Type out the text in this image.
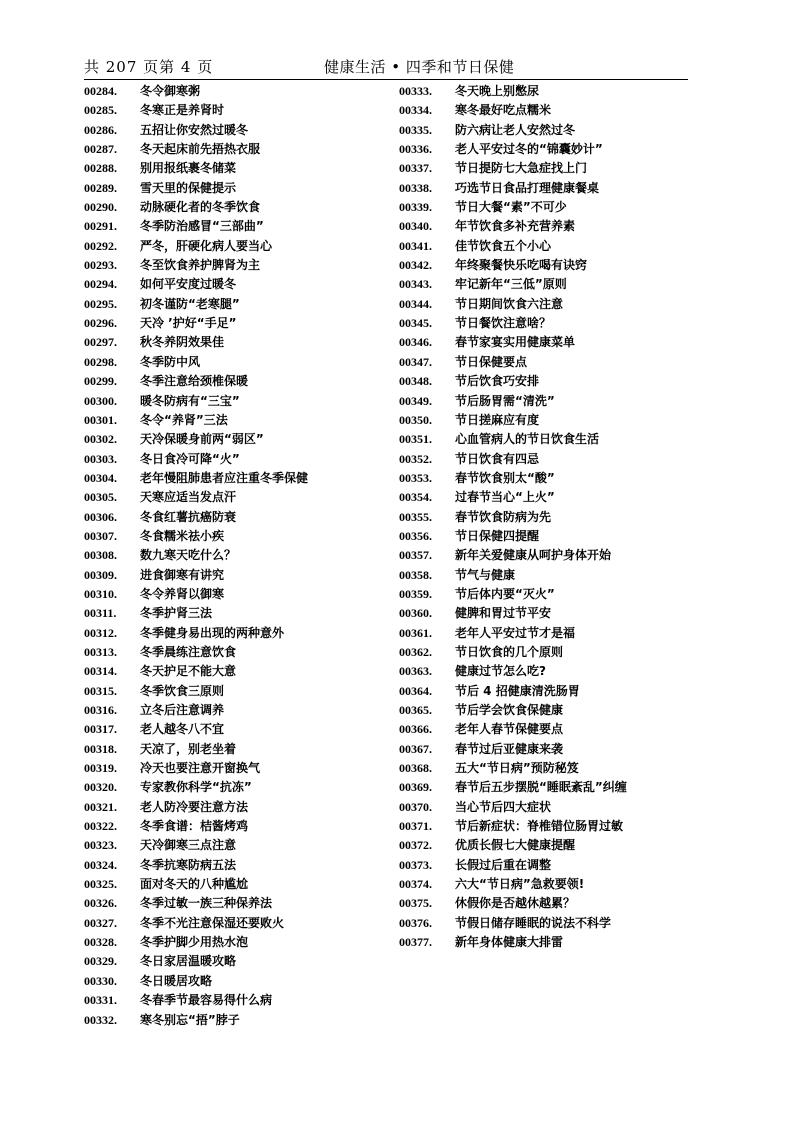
共 207 页第 4 页	健康生活 • 四季和节日保健
00284. 冬令御寒粥
00285. 冬寒正是养肾时
00286. 五招让你安然过暖冬
00287. 冬天起床前先捂热衣服
00288. 别用报纸裹冬储菜
00289. 雪天里的保健提示
00290. 动脉硬化者的冬季饮食
00291. 冬季防治感冒“三部曲”
00292. 严冬，肝硬化病人要当心
00293. 冬至饮食养护脾肾为主
00294. 如何平安度过暖冬
00295. 初冬谨防“老寒腿”
00296. 天冷 ’护好“手足”
00297. 秋冬养阴效果佳
00298. 冬季防中风
00299. 冬季注意给颈椎保暖
00300. 暖冬防病有“三宝”
00301. 冬令“养肾”三法
00302. 天冷保暖身前两“弱区”
00303. 冬日食冷可降“火”
00304. 老年慢阻肺患者应注重冬季保健
00305. 天寒应适当发点汗
00306. 冬食红薯抗癌防衰
00307. 冬食糯米祛小疾
00308. 数九寒天吃什么？
00309. 进食御寒有讲究
00310. 冬令养肾以御寒
00311. 冬季护肾三法
00312. 冬季健身易出现的两种意外
00313. 冬季晨练注意饮食
00314. 冬天护足不能大意
00315. 冬季饮食三原则
00316. 立冬后注意调养
00317. 老人越冬八不宜
00318. 天凉了，别老坐着
00319. 冷天也要注意开窗换气
00320. 专家教你科学“抗冻”
00321. 老人防冷要注意方法
00322. 冬季食谱：桔酱烤鸡
00323. 天冷御寒三点注意
00324. 冬季抗寒防病五法
00325. 面对冬天的八种尴尬
00326. 冬季过敏一族三种保养法
00327. 冬季不光注意保湿还要败火
00328. 冬季护脚少用热水泡
00329. 冬日家居温暖攻略
00330. 冬日暖居攻略
00331. 冬春季节最容易得什么病
00332. 寒冬别忘“捂”脖子
00333. 冬天晚上别憋尿
00334. 寒冬最好吃点糯米
00335. 防六病让老人安然过冬
00336. 老人平安过冬的“锦囊妙计”
00337. 节日提防七大急症找上门
00338. 巧选节日食品打理健康餐桌
00339. 节日大餐“素”不可少
00340. 年节饮食多补充营养素
00341. 佳节饮食五个小心
00342. 年终聚餐快乐吃喝有诀窍
00343. 牢记新年“三低”原则
00344. 节日期间饮食六注意
00345. 节日餐饮注意啥？
00346. 春节家宴实用健康菜单
00347. 节日保健要点
00348. 节后饮食巧安排
00349. 节后肠胃需“清洗”
00350. 节日搓麻应有度
00351. 心血管病人的节日饮食生活
00352. 节日饮食有四忌
00353. 春节饮食别太“酸”
00354. 过春节当心“上火”
00355. 春节饮食防病为先
00356. 节日保健四提醒
00357. 新年关爱健康从呵护身体开始
00358. 节气与健康
00359. 节后体内要“灭火”
00360. 健脾和胃过节平安
00361. 老年人平安过节才是福
00362. 节日饮食的几个原则
00363. 健康过节怎么吃?
00364. 节后 4 招健康清洗肠胃
00365. 节后学会饮食保健康
00366. 老年人春节保健要点
00367. 春节过后亚健康来袭
00368. 五大“节日病”预防秘笈
00369. 春节后五步摆脱“睡眠紊乱”纠缠
00370. 当心节后四大症状
00371. 节后新症状：脊椎错位肠胃过敏
00372. 优质长假七大健康提醒
00373. 长假过后重在调整
00374. 六大“节日病”急救要领!
00375. 休假你是否越休越累？
00376. 节假日储存睡眠的说法不科学
00377. 新年身体健康大排雷
